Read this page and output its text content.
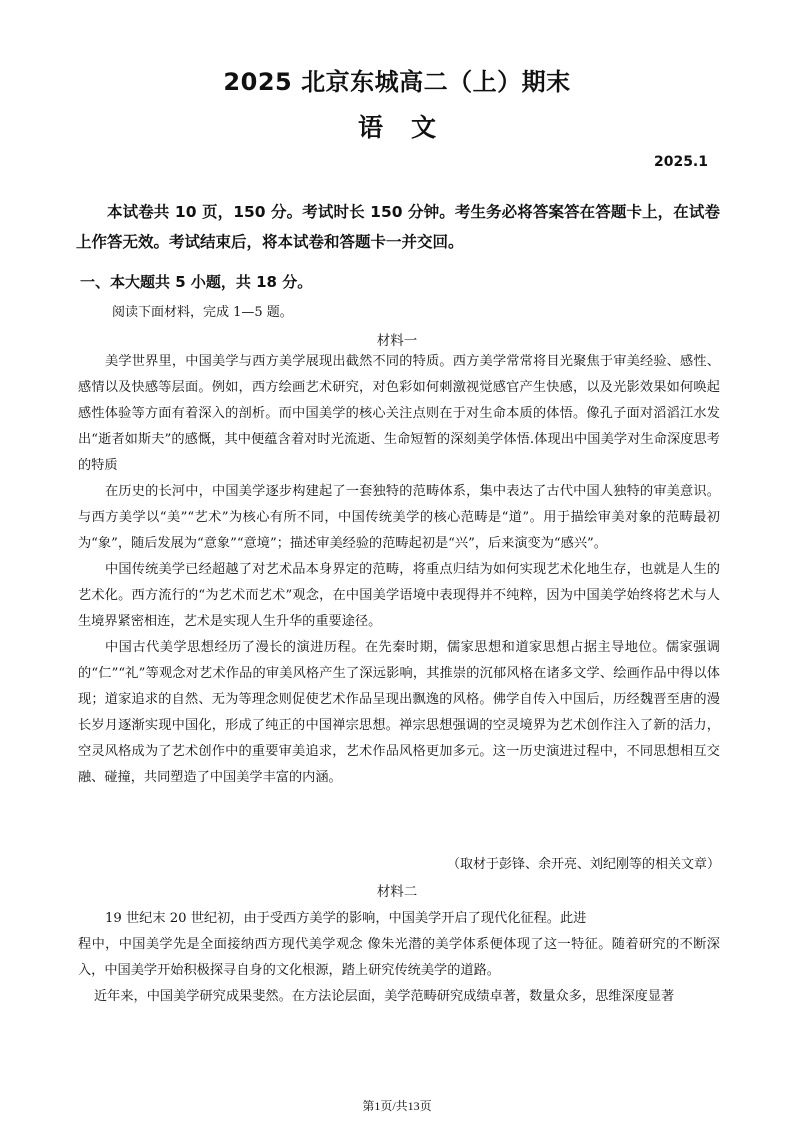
2025 北京东城高二（上）期末
语文
2025.1
本试卷共 10 页，150 分。考试时长 150 分钟。考生务必将答案答在答题卡上，在试卷上作答无效。考试结束后，将本试卷和答题卡一并交回。
一、本大题共 5 小题，共 18 分。
阅读下面材料，完成 1—5 题。
材料一

美学世界里，中国美学与西方美学展现出截然不同的特质。西方美学常常将目光聚焦于审美经验、感性、感情以及快感等层面。例如，西方绘画艺术研究，对色彩如何刺激视觉感官产生快感，以及光影效果如何唤起感性体验等方面有着深入的剖析。而中国美学的核心关注点则在于对生命本质的体悟。像孔子面对滔滔江水发出“逝者如斯夫”的感慨，其中便蕴含着对时光流逝、生命短暂的深刻美学体悟.体现出中国美学对生命深度思考的特质

在历史的长河中，中国美学逐步构建起了一套独特的范畴体系，集中表达了古代中国人独特的审美意识。与西方美学以“美”“艺术”为核心有所不同，中国传统美学的核心范畴是“道”。用于描绘审美对象的范畴最初为“象”，随后发展为“意象”“意境”；描述审美经验的范畴起初是“兴”，后来演变为“感兴”。

中国传统美学已经超越了对艺术品本身界定的范畴，将重点归结为如何实现艺术化地生存，也就是人生的艺术化。西方流行的“为艺术而艺术”观念，在中国美学语境中表现得并不纯粹，因为中国美学始终将艺术与人生境界紧密相连，艺术是实现人生升华的重要途径。

中国古代美学思想经历了漫长的演进历程。在先秦时期，儒家思想和道家思想占据主导地位。儒家强调的“仁”“礼”等观念对艺术作品的审美风格产生了深远影响，其推崇的沉郁风格在诸多文学、绘画作品中得以体现；道家追求的自然、无为等理念则促使艺术作品呈现出飘逸的风格。佛学自传入中国后，历经魏晋至唐的漫长岁月逐渐实现中国化，形成了纯正的中国禅宗思想。禅宗思想强调的空灵境界为艺术创作注入了新的活力，空灵风格成为了艺术创作中的重要审美追求，艺术作品风格更加多元。这一历史演进过程中，不同思想相互交融、碰撞，共同塑造了中国美学丰富的内涵。

（取材于彭锋、余开亮、刘纪刚等的相关文章）
材料二

19 世纪末 20 世纪初，由于受西方美学的影响，中国美学开启了现代化征程。此进

程中，中国美学先是全面接纳西方现代美学观念 像朱光潜的美学体系便体现了这一特征。随着研究的不断深入，中国美学开始积极探寻自身的文化根源，踏上研究传统美学的道路。

近年来，中国美学研究成果斐然。在方法论层面，美学范畴研究成绩卓著，数量众多，思维深度显著

第1页/共13页
